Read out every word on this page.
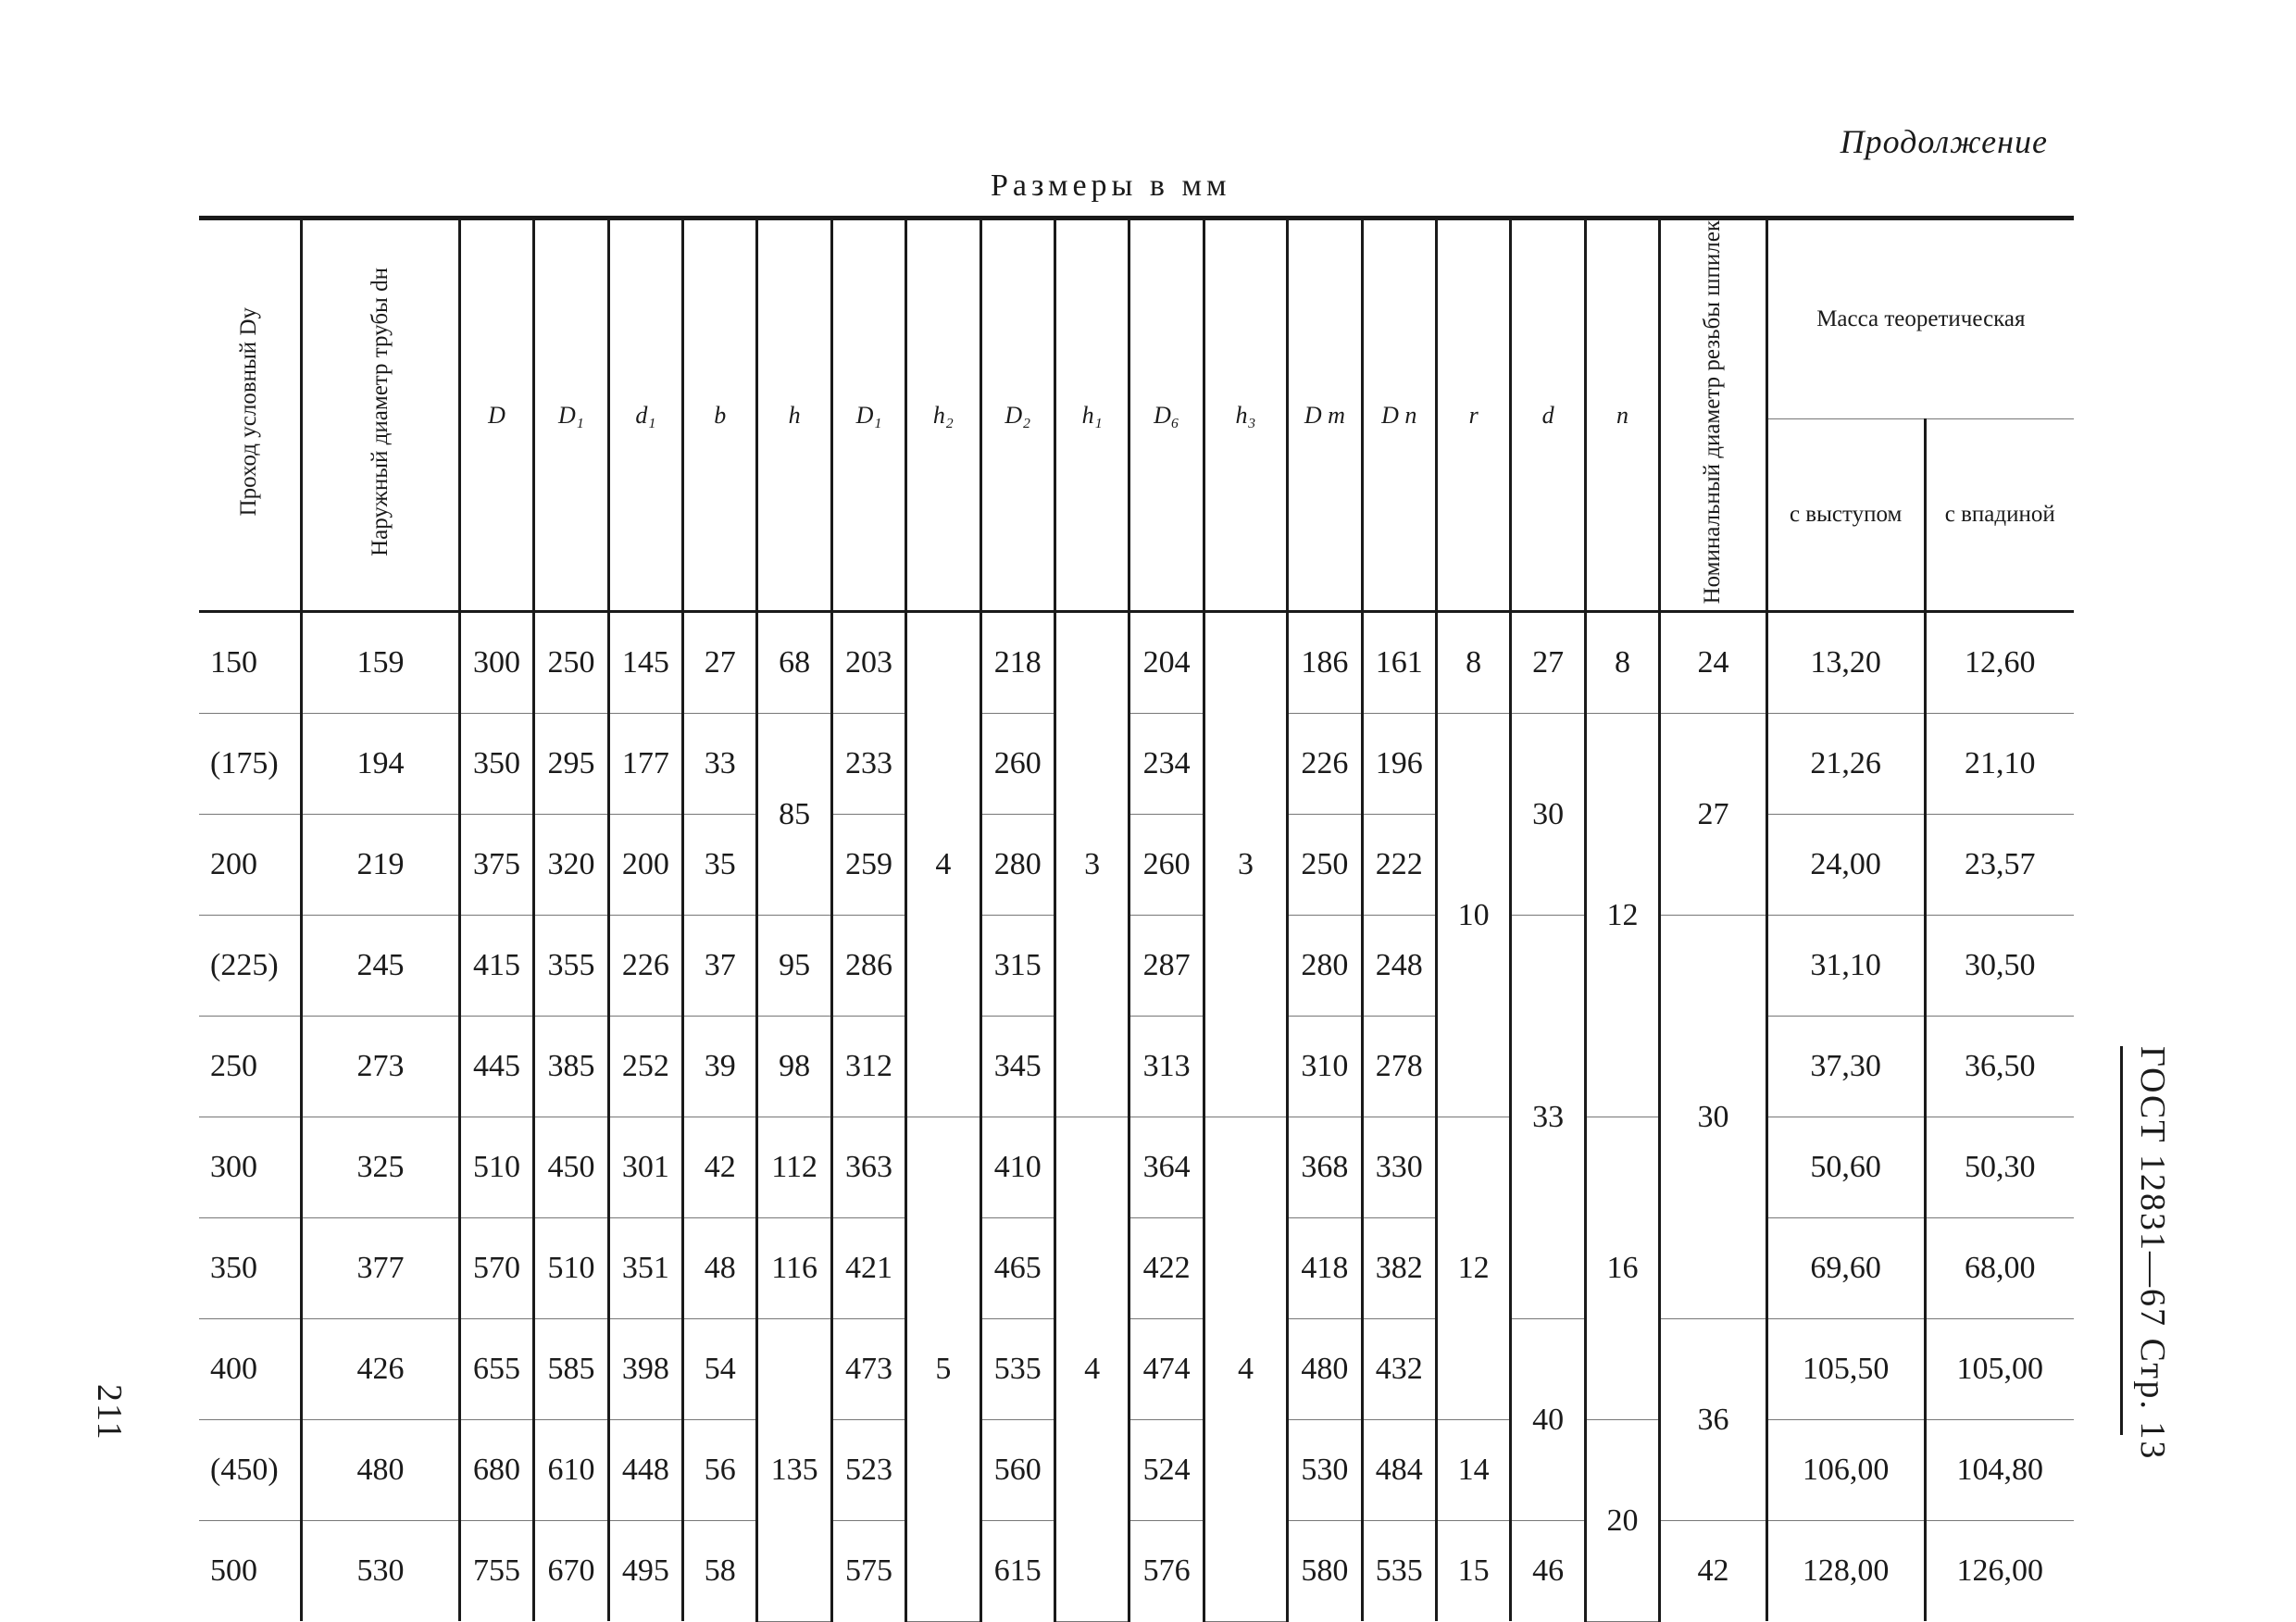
Продолжение
Размеры в мм
Проход условный Dу	Наружный диаметр трубы dн	D	D₁	d₁	b	h	D₁	h₂	D₂	h₁	D₆	h₃	D m	D n	r	d	n	Номинальный диаметр резьбы шпилек	Масса теоретическая	
																			с выступом	с впадиной
150	159	300	250	145	27	68	203	4	218	3	204	3	186	161	8	27	8	24	13,20	12,60
(175)	194	350	295	177	33	85	233		260		234		226	196	10	30	12	27	21,26	21,10
200	219	375	320	200	35		259		280		260		250	222					24,00	23,57
(225)	245	415	355	226	37	95	286		315		287		280	248		33		30	31,10	30,50
250	273	445	385	252	39	98	312		345		313		310	278					37,30	36,50
300	325	510	450	301	42	112	363	5	410	4	364	4	368	330	12		16		50,60	50,30
350	377	570	510	351	48	116	421		465		422		418	382					69,60	68,00
400	426	655	585	398	54	135	473		535		474		480	432		40		36	105,50	105,00
(450)	480	680	610	448	56		523		560		524		530	484	14		20		106,00	104,80
500	530	755	670	495	58		575		615		576		580	535	15	46		42	128,00	126,00
211	ГОСТ 12831—67 Стр. 13
